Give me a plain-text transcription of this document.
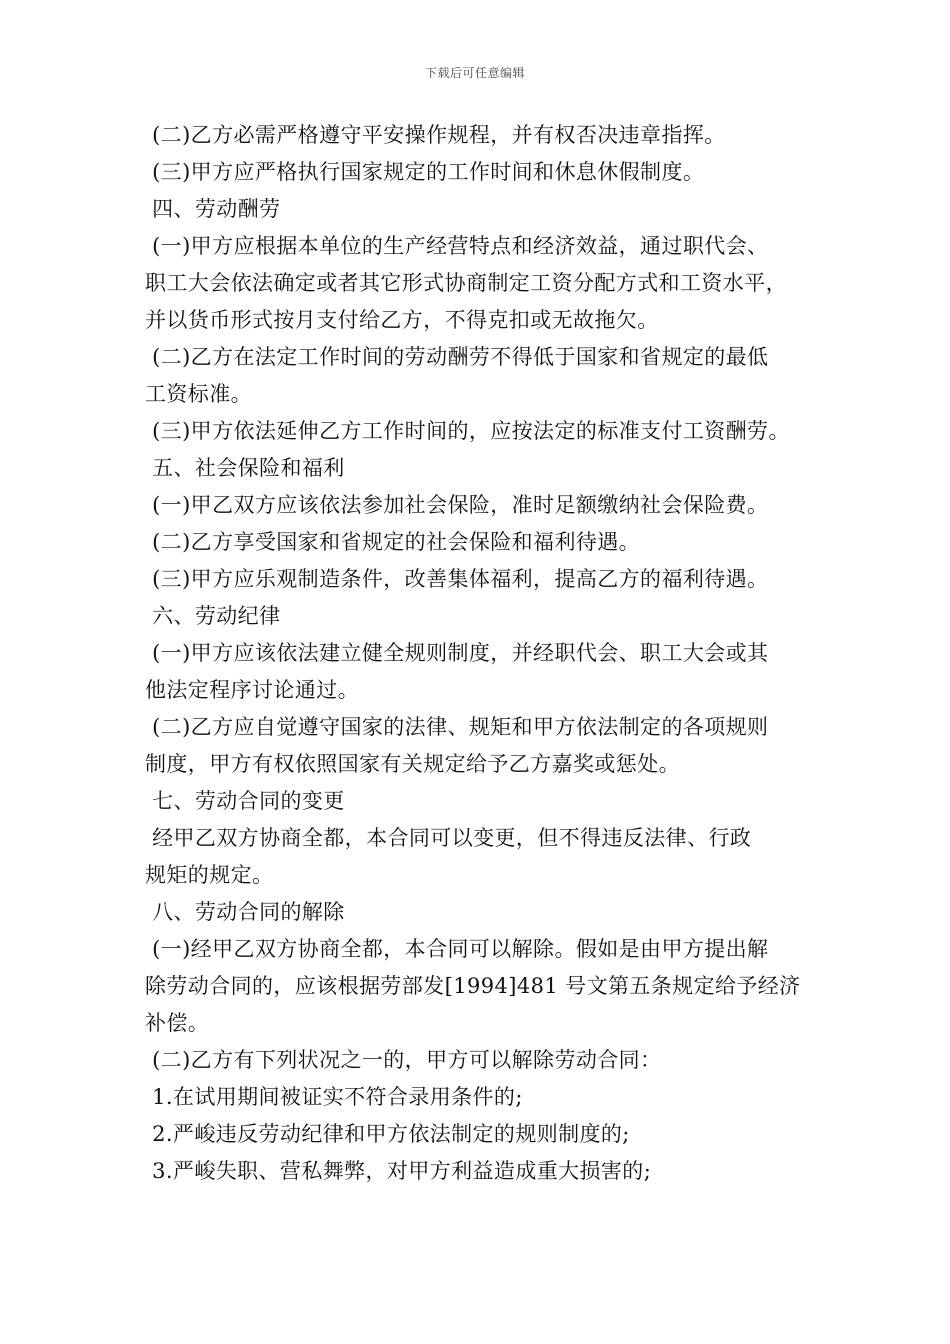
下载后可任意编辑

(二)乙方必需严格遵守平安操作规程，并有权否决违章指挥。

(三)甲方应严格执行国家规定的工作时间和休息休假制度。

四、劳动酬劳

(一)甲方应根据本单位的生产经营特点和经济效益，通过职代会、

职工大会依法确定或者其它形式协商制定工资分配方式和工资水平，

并以货币形式按月支付给乙方，不得克扣或无故拖欠。

(二)乙方在法定工作时间的劳动酬劳不得低于国家和省规定的最低

工资标准。

(三)甲方依法延伸乙方工作时间的，应按法定的标准支付工资酬劳。

五、社会保险和福利

(一)甲乙双方应该依法参加社会保险，准时足额缴纳社会保险费。

(二)乙方享受国家和省规定的社会保险和福利待遇。

(三)甲方应乐观制造条件，改善集体福利，提高乙方的福利待遇。

六、劳动纪律

(一)甲方应该依法建立健全规则制度，并经职代会、职工大会或其

他法定程序讨论通过。

(二)乙方应自觉遵守国家的法律、规矩和甲方依法制定的各项规则

制度，甲方有权依照国家有关规定给予乙方嘉奖或惩处。

七、劳动合同的变更

经甲乙双方协商全都，本合同可以变更，但不得违反法律、行政

规矩的规定。

八、劳动合同的解除

(一)经甲乙双方协商全都，本合同可以解除。假如是由甲方提出解

除劳动合同的，应该根据劳部发[1994]481 号文第五条规定给予经济

补偿。

(二)乙方有下列状况之一的，甲方可以解除劳动合同：

1.在试用期间被证实不符合录用条件的;

2.严峻违反劳动纪律和甲方依法制定的规则制度的;

3.严峻失职、营私舞弊，对甲方利益造成重大损害的;
